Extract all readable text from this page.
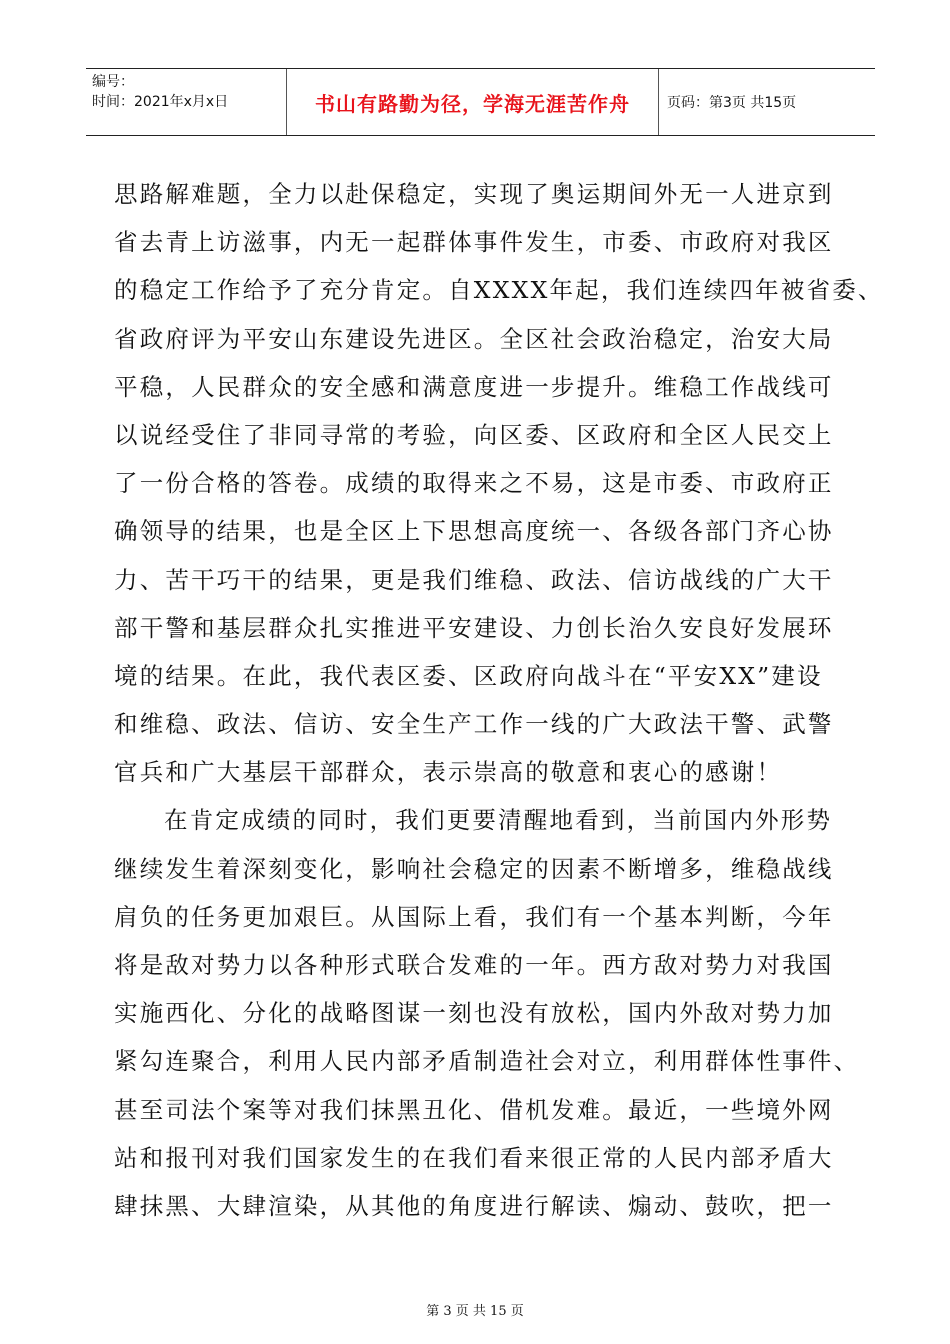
编号：
时间：2021年x月x日	书山有路勤为径，学海无涯苦作舟	页码：第3页 共15页
思路解难题，全力以赴保稳定，实现了奥运期间外无一人进京到
省去青上访滋事，内无一起群体事件发生，市委、市政府对我区
的稳定工作给予了充分肯定。自XXXX年起，我们连续四年被省委、
省政府评为平安山东建设先进区。全区社会政治稳定，治安大局
平稳，人民群众的安全感和满意度进一步提升。维稳工作战线可
以说经受住了非同寻常的考验，向区委、区政府和全区人民交上
了一份合格的答卷。成绩的取得来之不易，这是市委、市政府正
确领导的结果，也是全区上下思想高度统一、各级各部门齐心协
力、苦干巧干的结果，更是我们维稳、政法、信访战线的广大干
部干警和基层群众扎实推进平安建设、力创长治久安良好发展环
境的结果。在此，我代表区委、区政府向战斗在“平安XX”建设
和维稳、政法、信访、安全生产工作一线的广大政法干警、武警
官兵和广大基层干部群众，表示崇高的敬意和衷心的感谢！
在肯定成绩的同时，我们更要清醒地看到，当前国内外形势
继续发生着深刻变化，影响社会稳定的因素不断增多，维稳战线
肩负的任务更加艰巨。从国际上看，我们有一个基本判断，今年
将是敌对势力以各种形式联合发难的一年。西方敌对势力对我国
实施西化、分化的战略图谋一刻也没有放松，国内外敌对势力加
紧勾连聚合，利用人民内部矛盾制造社会对立，利用群体性事件、
甚至司法个案等对我们抹黑丑化、借机发难。最近，一些境外网
站和报刊对我们国家发生的在我们看来很正常的人民内部矛盾大
肆抹黑、大肆渲染，从其他的角度进行解读、煽动、鼓吹，把一
第 3 页 共 15 页
